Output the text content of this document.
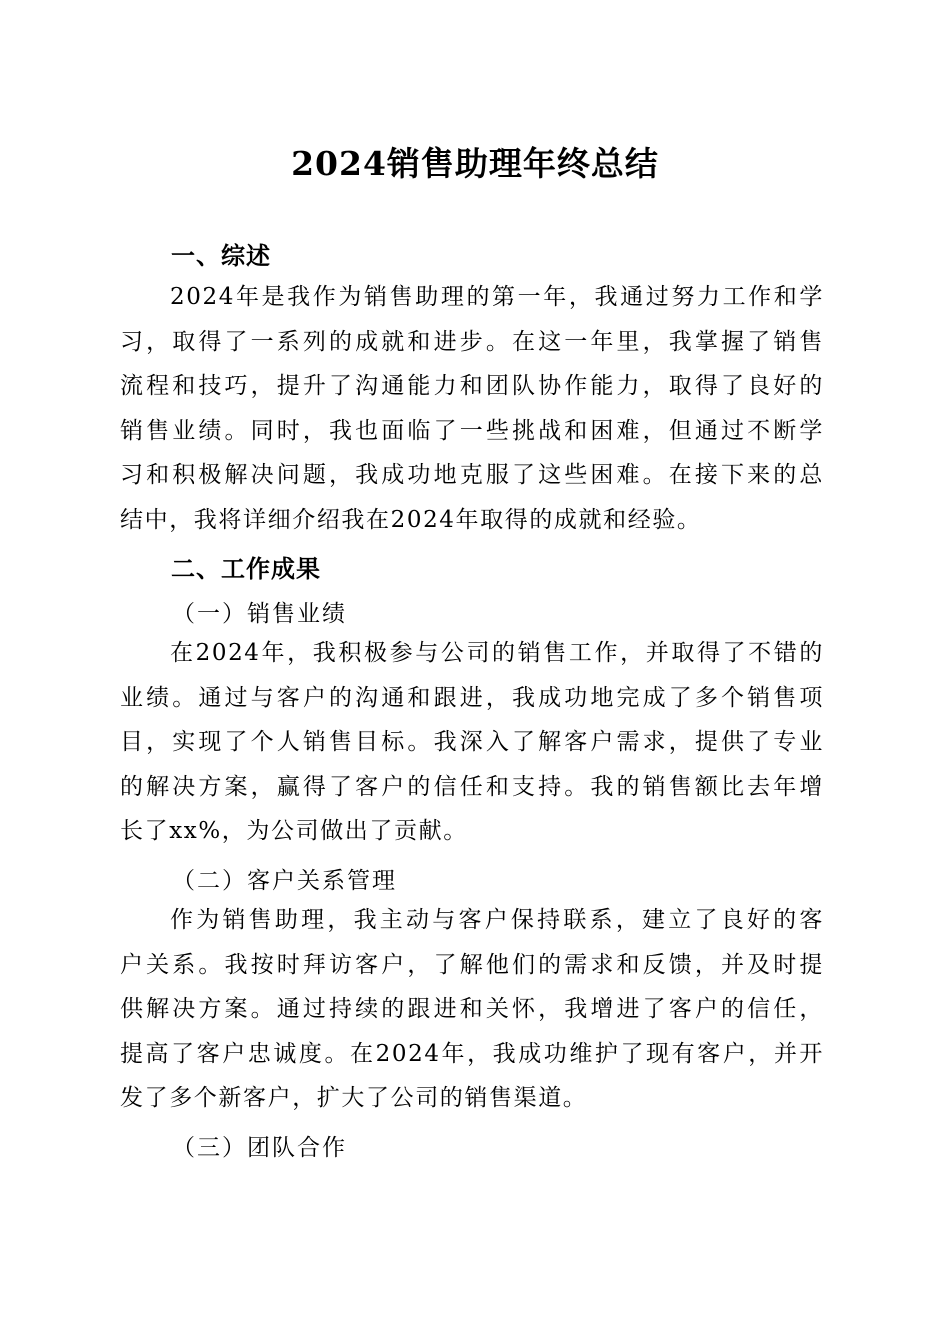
2024销售助理年终总结
一、综述
2024年是我作为销售助理的第一年，我通过努力工作和学
习，取得了一系列的成就和进步。在这一年里，我掌握了销售
流程和技巧，提升了沟通能力和团队协作能力，取得了良好的
销售业绩。同时，我也面临了一些挑战和困难，但通过不断学
习和积极解决问题，我成功地克服了这些困难。在接下来的总
结中，我将详细介绍我在2024年取得的成就和经验。
二、工作成果
（一）销售业绩
在2024年，我积极参与公司的销售工作，并取得了不错的
业绩。通过与客户的沟通和跟进，我成功地完成了多个销售项
目，实现了个人销售目标。我深入了解客户需求，提供了专业
的解决方案，赢得了客户的信任和支持。我的销售额比去年增
长了xx%，为公司做出了贡献。
（二）客户关系管理
作为销售助理，我主动与客户保持联系，建立了良好的客
户关系。我按时拜访客户，了解他们的需求和反馈，并及时提
供解决方案。通过持续的跟进和关怀，我增进了客户的信任，
提高了客户忠诚度。在2024年，我成功维护了现有客户，并开
发了多个新客户，扩大了公司的销售渠道。
（三）团队合作
